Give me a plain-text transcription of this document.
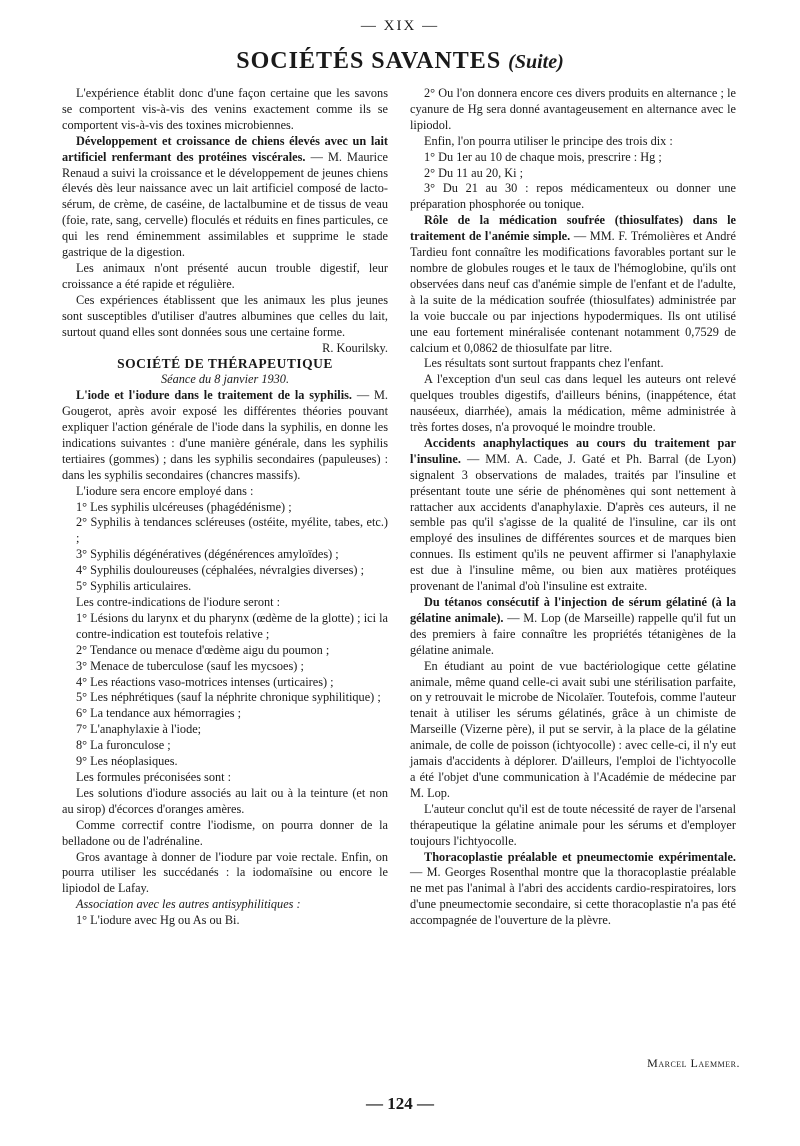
— XIX —
SOCIÉTÉS SAVANTES (Suite)

L'expérience établit donc d'une façon certaine que les savons se comportent vis-à-vis des venins exactement comme ils se comportent vis-à-vis des toxines microbiennes.

Développement et croissance de chiens élevés avec un lait artificiel renfermant des protéines viscérales. — M. Maurice Renaud a suivi la croissance et le développement de jeunes chiens élevés dès leur naissance avec un lait artificiel composé de lacto-sérum, de crème, de caséine, de lactalbumine et de tissus de veau (foie, rate, sang, cervelle) floculés et réduits en fines particules, ce qui les rend éminemment assimilables et supprime le stade gastrique de la digestion.

Les animaux n'ont présenté aucun trouble digestif, leur croissance a été rapide et régulière.

Ces expériences établissent que les animaux les plus jeunes sont susceptibles d'utiliser d'autres albumines que celles du lait, surtout quand elles sont données sous une certaine forme.

R. Kourilsky.

SOCIÉTÉ DE THÉRAPEUTIQUE

Séance du 8 janvier 1930.

L'iode et l'iodure dans le traitement de la syphilis. — M. Gougerot, après avoir exposé les différentes théories pouvant expliquer l'action générale de l'iode dans la syphilis, en donne les indications suivantes : d'une manière générale, dans les syphilis tertiaires (gommes) ; dans les syphilis secondaires (papuleuses) : dans les syphilis secondaires (chancres massifs).

L'iodure sera encore employé dans :

1° Les syphilis ulcéreuses (phagédénisme) ;

2° Syphilis à tendances scléreuses (ostéite, myélite, tabes, etc.) ;

3° Syphilis dégénératives (dégénérences amyloïdes) ;

4° Syphilis douloureuses (céphalées, névralgies diverses) ;

5° Syphilis articulaires.

Les contre-indications de l'iodure seront :

1° Lésions du larynx et du pharynx (œdème de la glotte) ; ici la contre-indication est toutefois relative ;

2° Tendance ou menace d'œdème aigu du poumon ;

3° Menace de tuberculose (sauf les mycsoes) ;

4° Les réactions vaso-motrices intenses (urticaires) ;

5° Les néphrétiques (sauf la néphrite chronique syphilitique) ;

6° La tendance aux hémorragies ;

7° L'anaphylaxie à l'iode;

8° La furonculose ;

9° Les néoplasiques.

Les formules préconisées sont :

Les solutions d'iodure associés au lait ou à la teinture (et non au sirop) d'écorces d'oranges amères.

Comme correctif contre l'iodisme, on pourra donner de la belladone ou de l'adrénaline.

Gros avantage à donner de l'iodure par voie rectale. Enfin, on pourra utiliser les succédanés : la iodomaïsine ou encore le lipiodol de Lafay.

Association avec les autres antisyphilitiques :

1° L'iodure avec Hg ou As ou Bi.

2° Ou l'on donnera encore ces divers produits en alternance ; le cyanure de Hg sera donné avantageusement en alternance avec le lipiodol.

Enfin, l'on pourra utiliser le principe des trois dix :

1° Du 1er au 10 de chaque mois, prescrire : Hg ;

2° Du 11 au 20, Ki ;

3° Du 21 au 30 : repos médicamenteux ou donner une préparation phosphorée ou tonique.

Rôle de la médication soufrée (thiosulfates) dans le traitement de l'anémie simple. — MM. F. Trémolières et André Tardieu font connaître les modifications favorables portant sur le nombre de globules rouges et le taux de l'hémoglobine, qu'ils ont observées dans neuf cas d'anémie simple de l'enfant et de l'adulte, à la suite de la médication soufrée (thiosulfates) administrée par la voie buccale ou par injections hypodermiques. Ils ont utilisé une eau fortement minéralisée contenant notamment 0,7529 de calcium et 0,0862 de thiosulfate par litre.

Les résultats sont surtout frappants chez l'enfant.

A l'exception d'un seul cas dans lequel les auteurs ont relevé quelques troubles digestifs, d'ailleurs bénins, (inappétence, état nauséeux, diarrhée), amais la médication, même administrée à très fortes doses, n'a provoqué le moindre trouble.

Accidents anaphylactiques au cours du traitement par l'insuline. — MM. A. Cade, J. Gaté et Ph. Barral (de Lyon) signalent 3 observations de malades, traités par l'insuline et présentant toute une série de phénomènes qui sont nettement à rattacher aux accidents d'anaphylaxie. D'après ces auteurs, il ne semble pas qu'il s'agisse de la qualité de l'insuline, car ils ont employé des insulines de différentes sources et de marques bien connues. Ils estiment qu'ils ne peuvent affirmer si l'anaphylaxie est due à l'insuline même, ou bien aux matières protéiques provenant de l'animal d'où l'insuline est extraite.

Du tétanos consécutif à l'injection de sérum gélatiné (à la gélatine animale). — M. Lop (de Marseille) rappelle qu'il fut un des premiers à faire connaître les propriétés tétanigènes de la gélatine animale.

En étudiant au point de vue bactériologique cette gélatine animale, même quand celle-ci avait subi une stérilisation parfaite, on y retrouvait le microbe de Nicolaïer. Toutefois, comme l'auteur tenait à utiliser les sérums gélatinés, grâce à un chimiste de Marseille (Vizerne père), il put se servir, à la place de la gélatine animale, de colle de poisson (ichtyocolle) : avec celle-ci, il n'y eut jamais d'accidents à déplorer. D'ailleurs, l'emploi de l'ichtyocolle a été l'objet d'une communication à l'Académie de médecine par M. Lop.

L'auteur conclut qu'il est de toute nécessité de rayer de l'arsenal thérapeutique la gélatine animale pour les sérums et d'employer toujours l'ichtyocolle.

Thoracoplastie préalable et pneumectomie expérimentale. — M. Georges Rosenthal montre que la thoracoplastie préalable ne met pas l'animal à l'abri des accidents cardio-respiratoires, lors d'une pneumectomie secondaire, si cette thoracoplastie n'a pas été accompagnée de l'ouverture de la plèvre.

Marcel Laemmer.
— 124 —
